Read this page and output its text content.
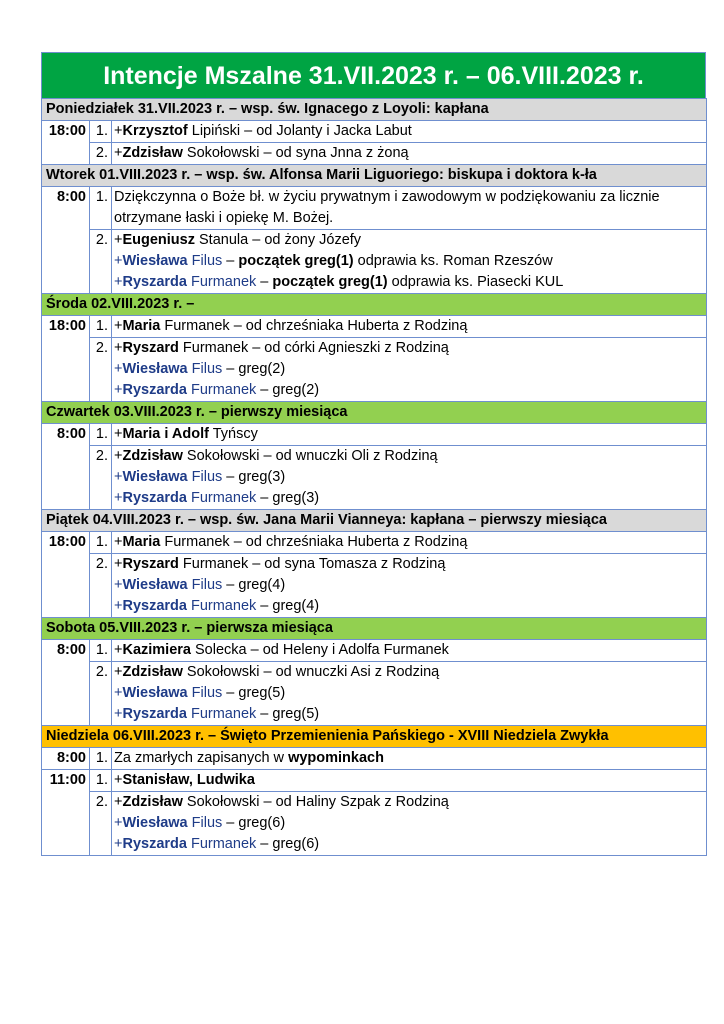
Intencje Mszalne 31.VII.2023 r. – 06.VIII.2023 r.
Poniedziałek 31.VII.2023 r. – wsp. św. Ignacego z Loyoli: kapłana		
18:00	1.	+Krzysztof Lipiński – od Jolanty i Jacka Labut

	2.	+Zdzisław Sokołowski – od syna Jnna z żoną

Wtorek 01.VIII.2023 r. – wsp. św. Alfonsa Marii Liguoriego: biskupa i doktora k-ła		
8:00	1.	Dziękczynna o Boże bł. w życiu prywatnym i zawodowym w podziękowaniu za licznie otrzymane łaski i opiekę M. Bożej.

	2.	+Eugeniusz Stanula – od żony Józefy
+Wiesława Filus – początek greg(1) odprawia ks. Roman Rzeszów
+Ryszarda Furmanek – początek greg(1) odprawia ks. Piasecki KUL

Środa 02.VIII.2023 r. –		
18:00	1.	+Maria Furmanek – od chrześniaka Huberta z Rodziną

	2.	+Ryszard Furmanek – od córki Agnieszki z Rodziną
+Wiesława Filus – greg(2)
+Ryszarda Furmanek – greg(2)

Czwartek 03.VIII.2023 r. – pierwszy miesiąca		
8:00	1.	+Maria i Adolf Tyńscy

	2.	+Zdzisław Sokołowski – od wnuczki Oli z Rodziną
+Wiesława Filus – greg(3)
+Ryszarda Furmanek – greg(3)

Piątek 04.VIII.2023 r. – wsp. św. Jana Marii Vianneya: kapłana – pierwszy miesiąca		
18:00	1.	+Maria Furmanek – od chrześniaka Huberta z Rodziną

	2.	+Ryszard Furmanek – od syna Tomasza z Rodziną
+Wiesława Filus – greg(4)
+Ryszarda Furmanek – greg(4)

Sobota 05.VIII.2023 r. – pierwsza miesiąca		
8:00	1.	+Kazimiera Solecka – od Heleny i Adolfa Furmanek

	2.	+Zdzisław Sokołowski – od wnuczki Asi z Rodziną
+Wiesława Filus – greg(5)
+Ryszarda Furmanek – greg(5)

Niedziela 06.VIII.2023 r. – Święto Przemienienia Pańskiego - XVIII Niedziela Zwykła		
8:00	1.	Za zmarłych zapisanych w wypominkach

11:00	1.	+Stanisław, Ludwika

	2.	+Zdzisław Sokołowski – od Haliny Szpak z Rodziną
+Wiesława Filus – greg(6)
+Ryszarda Furmanek – greg(6)
